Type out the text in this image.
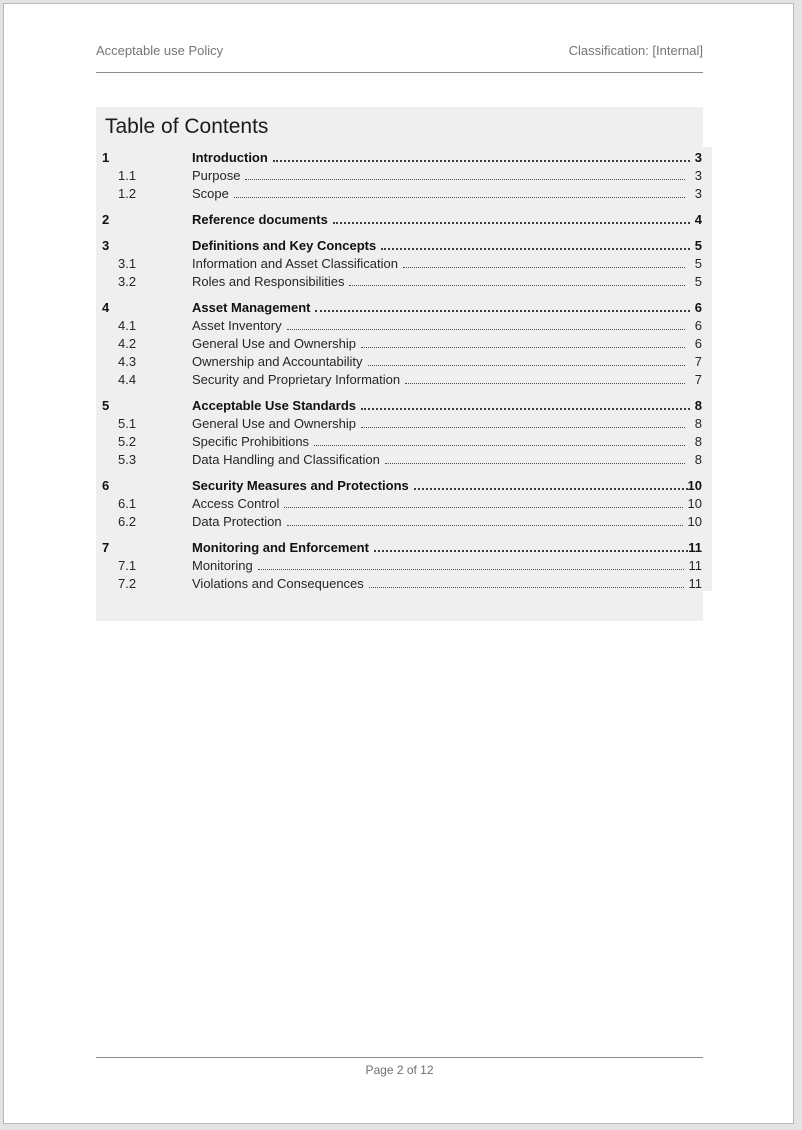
Acceptable use Policy	Classification: [Internal]
Table of Contents
1	Introduction	3
1.1	Purpose	3
1.2	Scope	3
2	Reference documents	4
3	Definitions and Key Concepts	5
3.1	Information and Asset Classification	5
3.2	Roles and Responsibilities	5
4	Asset Management	6
4.1	Asset Inventory	6
4.2	General Use and Ownership	6
4.3	Ownership and Accountability	7
4.4	Security and Proprietary Information	7
5	Acceptable Use Standards	8
5.1	General Use and Ownership	8
5.2	Specific Prohibitions	8
5.3	Data Handling and Classification	8
6	Security Measures and Protections	10
6.1	Access Control	10
6.2	Data Protection	10
7	Monitoring and Enforcement	11
7.1	Monitoring	11
7.2	Violations and Consequences	11
Page 2 of 12
